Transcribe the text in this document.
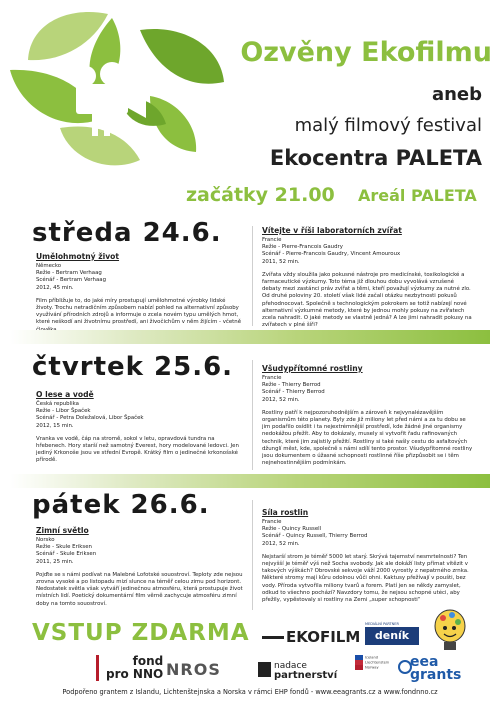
Ozvěny Ekofilmu
aneb
malý filmový festival
Ekocentra PALETA
začátky 21.00 Areál PALETA
středa 24.6.
Umělohmotný život
Německo
Režie - Bertram Verhaag
Scénář - Bertram Verhaag
2012, 45 min.
Film příbližuje to, do jaké míry prostupují umělohmotné výrobky lidské životy. Trochu netradičním způsobem nabízí pohled na alternativní způsoby využívání přírodních zdrojů a informuje o zcela novém typu umělých hmot, které neškodí ani životnímu prostředí, ani živočichům v něm žijícím - včetně
Vítejte v říši laboratorních zvířat
Francie
Režie - Pierre-Francois Gaudry
Scénář - Pierre-Francois Gaudry, Vincent Amouroux
2011, 52 min.
Zvířata vždy sloužila jako pokusné nástroje pro medicínské, toxikologické a farmaceutické výzkumy. Toto téma již dlouhou dobu vyvolává vzrušené debaty mezi zastánci práv zvířat a těmi, kteří považují výzkumy za nutné zlo. Od druhé poloviny 20. století však lidé začali otázku nezbytnosti pokusů přehodnocovat. Společně s technologickým pokrokem se totiž nabízejí nové alternativní výzkumné metody, které by jednou mohly pokusy na zvířatech zcela nahradit. O jaké metody se vlastně jedná? A lze jimi nahradit pokusy na zvířatech v plné šíři?
čtvrtek 25.6.
O lese a vodě
Česká republika
Režie - Libor Špaček
Scénář - Petra Doležalová, Libor Špaček
2012, 15 min.
Vranka ve vodě, čáp na stromě, sokol v letu, opravdová tundra na hřebenech. Hory starší než samotný Everest, hory modelované ledovci. Jen jediný Krkonoše jsou ve střední Evropě. Krátký film o jedinečné krkonošské přírodě.
Všudypřítomné rostliny
Francie
Režie - Thierry Berrod
Scénář - Thierry Berrod
2012, 52 min.
Rostliny patří k nejpozoruhodnějším a zároveň k nejvynalézavějším organismům této planety. Byly zde již miliony let před námi a za tu dobu se jim podařilo osídlit i ta nejextrémnější prostředí, kde žádné jiné organismy nedokážou přežít. Aby to dokázaly, musely si vytvořit řadu rafinovaných technik, které jim zajistily přežití. Rostliny si také našly cestu do asfaltových džunglí měst, kde, společně s námi sdílí tento prostor. Všudypřítomné rostliny jsou dokumentem o úžasné schopnosti rostlinné říše přizpůsobit se i těm nejnehostinnějším podmínkám.
pátek 26.6.
Zimní světlo
Norsko
Režie - Skule Eriksen
Scénář - Skule Eriksen
2011, 25 min.
Pojďte se s námi podívat na Malebné Lofotské souostroví. Teploty zde nejsou zrovna vysoké a po listopadu mizí slunce na téměř celou zimu pod horizont. Nedostatek světla však vytváří jedinečnou atmosféru, která prostupuje život místních lidí. Poetický dokumentární film věrně zachycuje atmosféru zimní doby na tomto souostroví.
Síla rostlin
Francie
Režie - Quincy Russell
Scénář - Quincy Russell, Thierry Berrod
2012, 52 min.
Nejstarší strom je téměř 5000 let starý. Skrývá tajemství nesmrtelnosti? Ten nejvyšší je téměř výš než Socha svobody. Jak ale dokáží listy přímat vítězit v takových výškách? Obrovské sekvoje váží 2000 vyrostly z nepatrného zrnka. Některé stromy mají kůru odolnou vůči ohni. Kaktusy přežívají v poušti, bez vody. Příroda vytvořila miliony tvarů a forem. Platí jen se někdy zamyslet, odkud to všechno pochází? Navzdory tomu, že nejsou schopné utéci, aby přežily, vypěstovaly si rostliny na Zemi „super schopnosti“
VSTUP ZDARMA	EKOFILM
MEDIÁLNÍ PARTNER
deník
fond
pro NNO NROS	nadace
partnerství
Iceland
Liechtenstein
Norway	eea
grants
Podpořeno grantem z Islandu, Lichtenštejnska a Norska v rámci EHP fondů - www.eeagrants.cz a www.fondnno.cz
